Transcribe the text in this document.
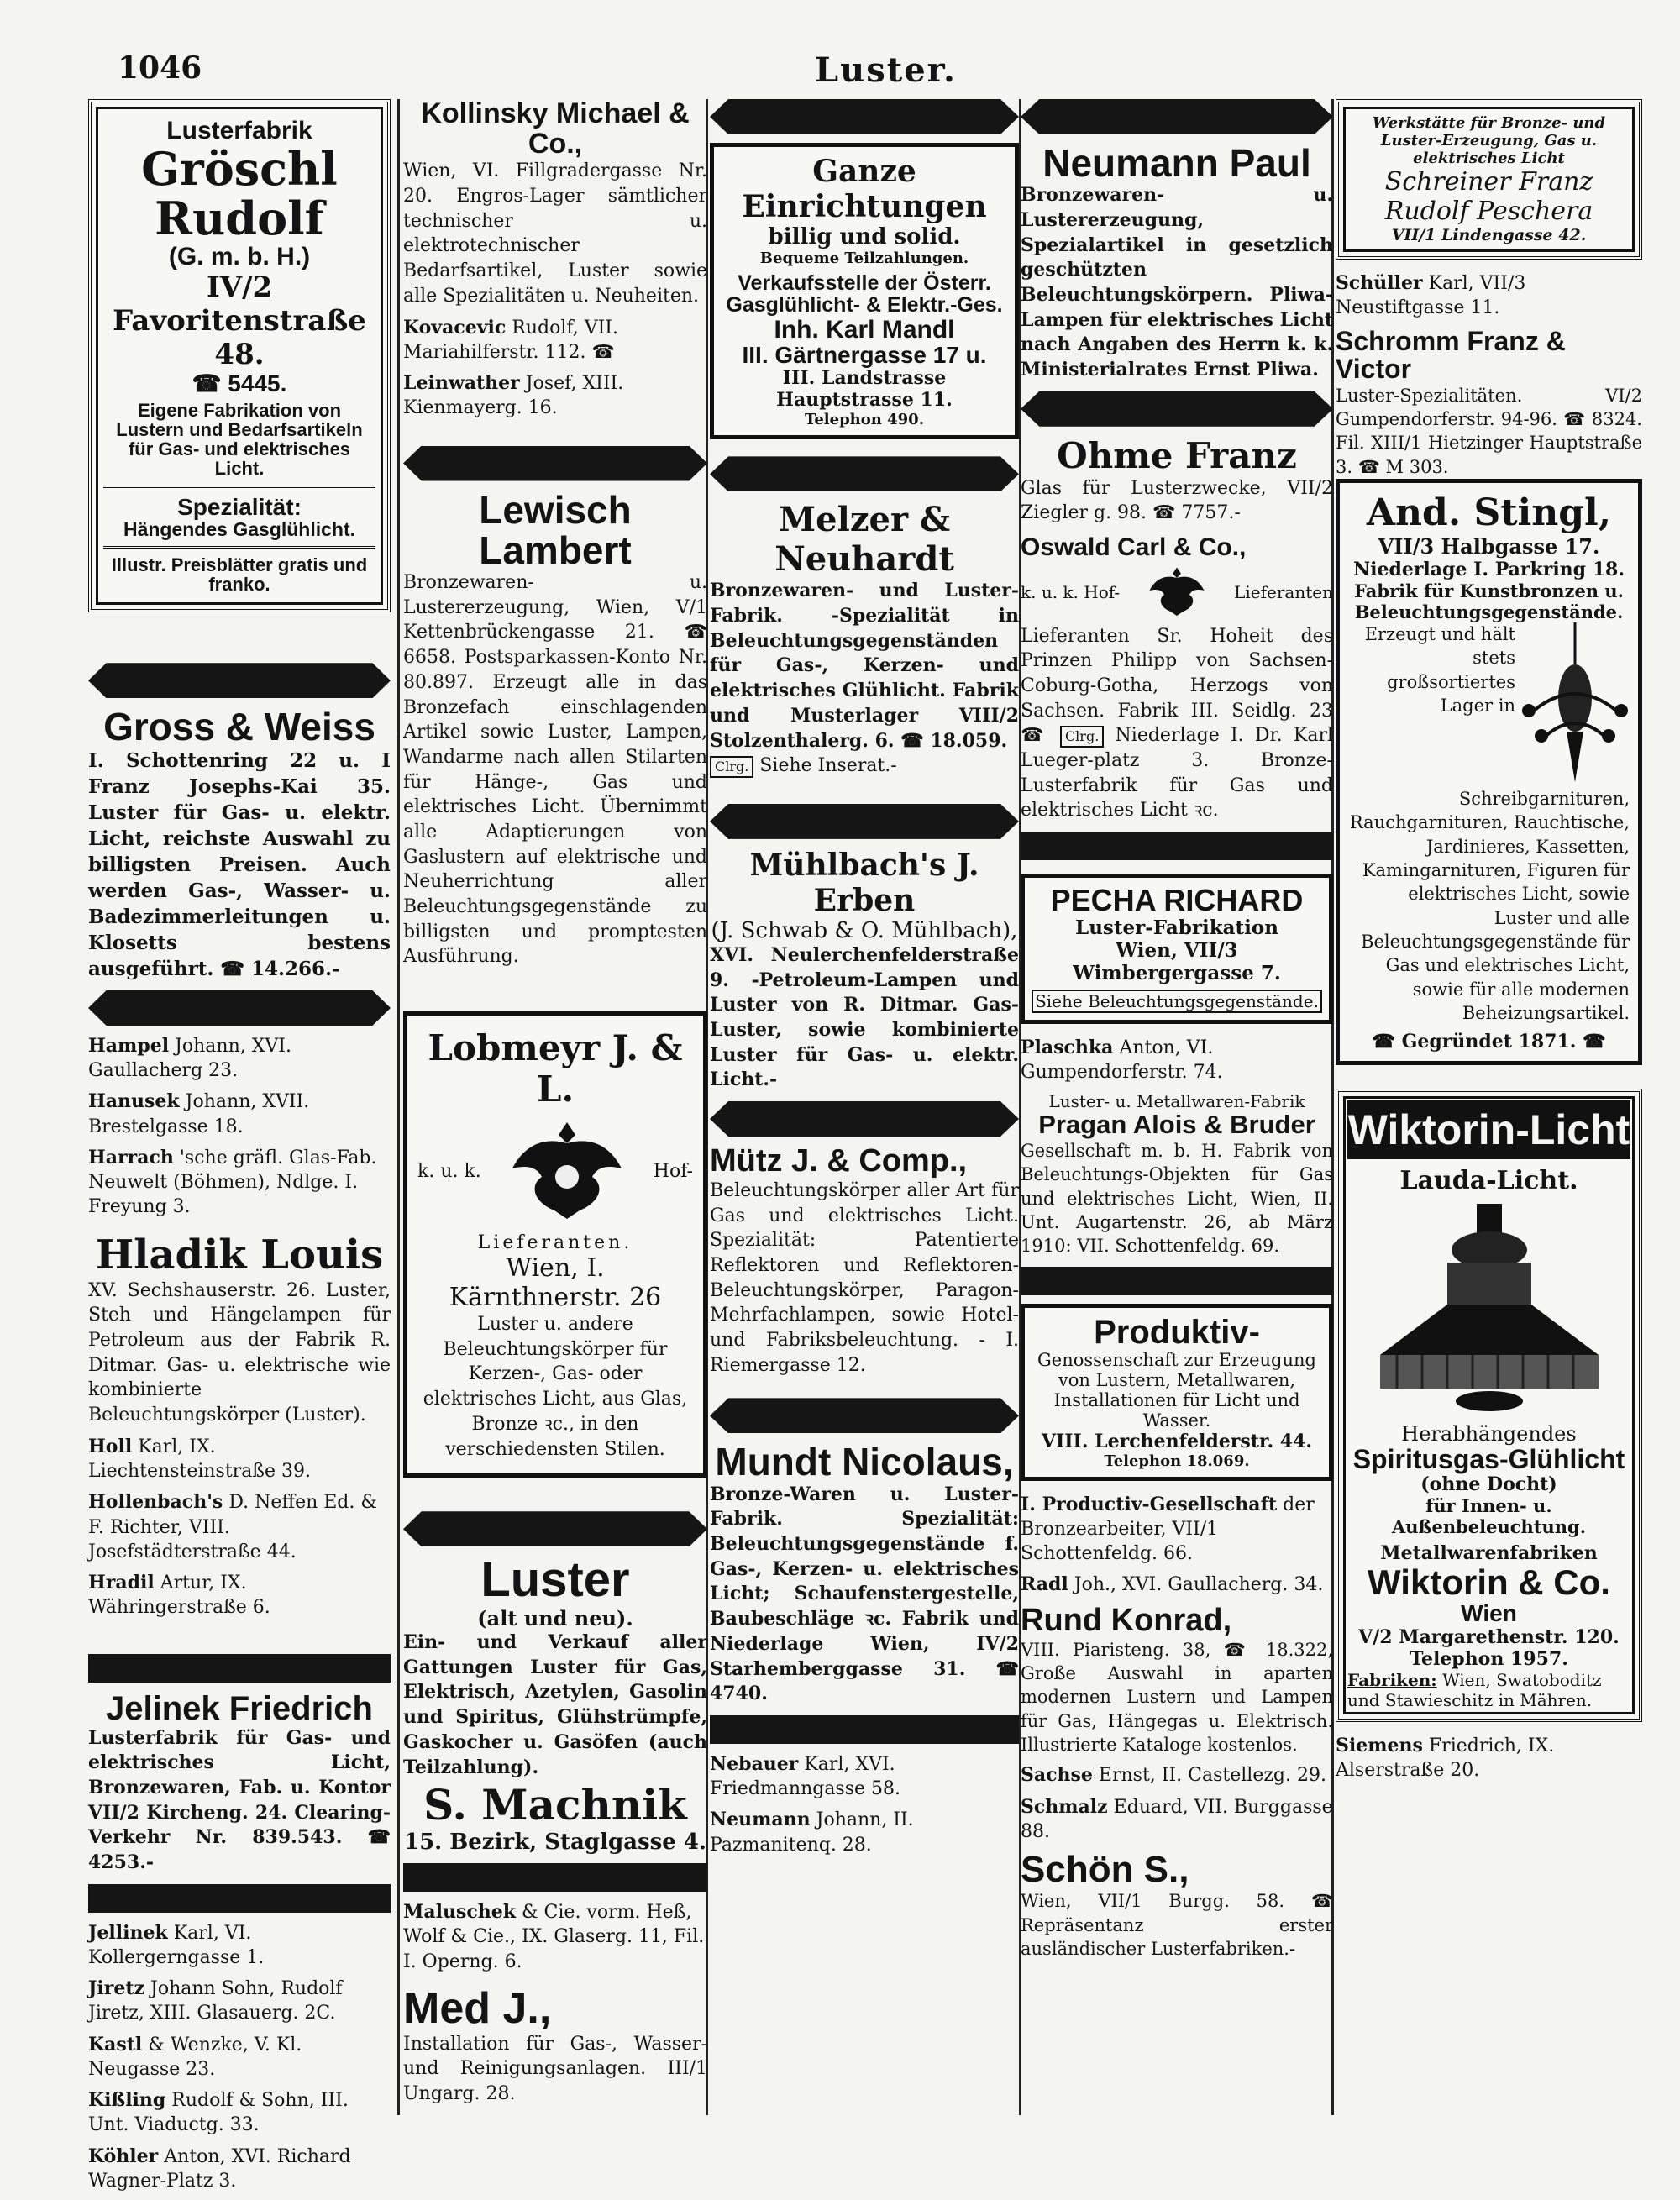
1046	Luster.
Lusterfabrik
Gröschl Rudolf
(G. m. b. H.)
IV/2 Favoritenstraße 48.
☎ 5445.
Eigene Fabrikation von Lustern und Bedarfsartikeln für Gas- und elektrisches Licht.
Spezialität:
Hängendes Gasglühlicht.
Illustr. Preisblätter gratis und franko.
Gross & Weiss
I. Schottenring 22 u. I Franz Josephs-Kai 35. Luster für Gas- u. elektr. Licht, reichste Auswahl zu billigsten Preisen. Auch werden Gas-, Wasser- u. Badezimmerleitungen u. Klosetts bestens ausgeführt. ☎ 14.266.-
Hampel Johann, XVI. Gaullacherg 23.
Hanusek Johann, XVII. Brestelgasse 18.
Harrach 'sche gräfl. Glas-Fab. Neuwelt (Böhmen), Ndlge. I. Freyung 3.
Hladik Louis
XV. Sechshauserstr. 26. Luster, Steh und Hängelampen für Petroleum aus der Fabrik R. Ditmar. Gas- u. elektrische wie kombinierte Beleuchtungskörper (Luster).
Holl Karl, IX. Liechtensteinstraße 39.
Hollenbach's D. Neffen Ed. & F. Richter, VIII. Josefstädterstraße 44.
Hradil Artur, IX. Währingerstraße 6.
Jelinek Friedrich
Lusterfabrik für Gas- und elektrisches Licht, Bronzewaren, Fab. u. Kontor VII/2 Kircheng. 24. Clearing-Verkehr Nr. 839.543. ☎ 4253.-
Jellinek Karl, VI. Kollergerngasse 1.
Jiretz Johann Sohn, Rudolf Jiretz, XIII. Glasauerg. 2C.
Kastl & Wenzke, V. Kl. Neugasse 23.
Kißling Rudolf & Sohn, III. Unt. Viaductg. 33.
Köhler Anton, XVI. Richard Wagner-Platz 3.
Kollinsky Michael & Co.,
Wien, VI. Fillgradergasse Nr. 20. Engros-Lager sämtlicher technischer u. elektrotechnischer Bedarfsartikel, Luster sowie alle Spezialitäten u. Neuheiten.
Kovacevic Rudolf, VII. Mariahilferstr. 112. ☎
Leinwather Josef, XIII. Kienmayerg. 16.
Lewisch Lambert
Bronzewaren- u. Lustererzeugung, Wien, V/1 Kettenbrückengasse 21. ☎ 6658. Postsparkassen-Konto Nr. 80.897. Erzeugt alle in das Bronzefach einschlagenden Artikel sowie Luster, Lampen, Wandarme nach allen Stilarten für Hänge-, Gas und elektrisches Licht. Übernimmt alle Adaptierungen von Gaslustern auf elektrische und Neuherrichtung aller Beleuchtungsgegenstände zu billigsten und promptesten Ausführung.
Lobmeyr J. & L.
k. u. k.	Hof-
Lieferanten.
Wien, I. Kärnthnerstr. 26
Luster u. andere Beleuchtungskörper für Kerzen-, Gas- oder elektrisches Licht, aus Glas, Bronze ꝛc., in den verschiedensten Stilen.
Luster
(alt und neu).
Ein- und Verkauf aller Gattungen Luster für Gas, Elektrisch, Azetylen, Gasolin und Spiritus, Glühstrümpfe, Gaskocher u. Gasöfen (auch Teilzahlung).
S. Machnik
15. Bezirk, Staglgasse 4.
Maluschek & Cie. vorm. Heß, Wolf & Cie., IX. Glaserg. 11, Fil. I. Operng. 6.
Med J.,
Installation für Gas-, Wasser- und Reinigungsanlagen. III/1 Ungarg. 28.
Ganze Einrichtungen
billig und solid.
Bequeme Teilzahlungen.
Verkaufsstelle der Österr. Gasglühlicht- & Elektr.-Ges.
Inh. Karl Mandl
III. Gärtnergasse 17 u.
III. Landstrasse Hauptstrasse 11.
Telephon 490.
Melzer & Neuhardt
Bronzewaren- und Luster-Fabrik. -Spezialität in Beleuchtungsgegenständen für Gas-, Kerzen- und elektrisches Glühlicht. Fabrik und Musterlager VIII/2 Stolzenthalerg. 6. ☎ 18.059.
Clrg. Siehe Inserat.-
Mühlbach's J. Erben
(J. Schwab & O. Mühlbach),
XVI. Neulerchenfelderstraße 9. -Petroleum-Lampen und Luster von R. Ditmar. Gas-Luster, sowie kombinierte Luster für Gas- u. elektr. Licht.-
Mütz J. & Comp.,
Beleuchtungskörper aller Art für Gas und elektrisches Licht. Spezialität: Patentierte Reflektoren und Reflektoren-Beleuchtungskörper, Paragon-Mehrfachlampen, sowie Hotel- und Fabriksbeleuchtung. - I. Riemergasse 12.
Mundt Nicolaus,
Bronze-Waren u. Luster-Fabrik. Spezialität: Beleuchtungsgegenstände f. Gas-, Kerzen- u. elektrisches Licht; Schaufenstergestelle, Baubeschläge ꝛc. Fabrik und Niederlage Wien, IV/2 Starhemberggasse 31. ☎ 4740.
Nebauer Karl, XVI. Friedmanngasse 58.
Neumann Johann, II. Pazmanitenq. 28.
Neumann Paul
Bronzewaren- u. Lustererzeugung, Spezialartikel in gesetzlich geschützten Beleuchtungskörpern. Pliwa-Lampen für elektrisches Licht nach Angaben des Herrn k. k. Ministerialrates Ernst Pliwa.
Ohme Franz
Glas für Lusterzwecke, VII/2 Ziegler g. 98. ☎ 7757.-
Oswald Carl & Co.,
k. u. k. Hof-	Lieferanten
Lieferanten Sr. Hoheit des Prinzen Philipp von Sachsen-Coburg-Gotha, Herzogs von Sachsen. Fabrik III. Seidlg. 23 ☎ Clrg. Niederlage I. Dr. Karl Lueger-platz 3. Bronze-Lusterfabrik für Gas und elektrisches Licht ꝛc.
PECHA RICHARD
Luster-Fabrikation
Wien, VII/3 Wimbergergasse 7.
Siehe Beleuchtungsgegenstände.
Plaschka Anton, VI. Gumpendorferstr. 74.
Luster- u. Metallwaren-Fabrik
Pragan Alois & Bruder
Gesellschaft m. b. H. Fabrik von Beleuchtungs-Objekten für Gas und elektrisches Licht, Wien, II. Unt. Augartenstr. 26, ab März 1910: VII. Schottenfeldg. 69.
Produktiv-
Genossenschaft zur Erzeugung von Lustern, Metallwaren, Installationen für Licht und Wasser.
VIII. Lerchenfelderstr. 44.
Telephon 18.069.
I. Productiv-Gesellschaft der Bronzearbeiter, VII/1 Schottenfeldg. 66.
Radl Joh., XVI. Gaullacherg. 34.
Rund Konrad,
VIII. Piaristeng. 38, ☎ 18.322, Große Auswahl in aparten modernen Lustern und Lampen für Gas, Hängegas u. Elektrisch. Illustrierte Kataloge kostenlos.
Sachse Ernst, II. Castellezg. 29.
Schmalz Eduard, VII. Burggasse 88.
Schön S.,
Wien, VII/1 Burgg. 58. ☎ Repräsentanz erster ausländischer Lusterfabriken.-
Werkstätte für Bronze- und Luster-Erzeugung, Gas u. elektrisches Licht
Schreiner Franz
Rudolf Peschera
VII/1 Lindengasse 42.
Schüller Karl, VII/3 Neustiftgasse 11.
Schromm Franz & Victor
Luster-Spezialitäten. VI/2 Gumpendorferstr. 94-96. ☎ 8324. Fil. XIII/1 Hietzinger Hauptstraße 3. ☎ M 303.
And. Stingl,
VII/3 Halbgasse 17.
Niederlage I. Parkring 18.
Fabrik für Kunstbronzen u. Beleuchtungsgegenstände.
Erzeugt und hält stets großsortiertes Lager in Schreibgarnituren, Rauchgarnituren, Rauchtische, Jardinieres, Kassetten, Kamingarnituren, Figuren für elektrisches Licht, sowie Luster und alle Beleuchtungsgegenstände für Gas und elektrisches Licht, sowie für alle modernen Beheizungsartikel.
☎ Gegründet 1871. ☎
Wiktorin-Licht
Lauda-Licht.
Herabhängendes
Spiritusgas-Glühlicht
(ohne Docht)
für Innen- u. Außenbeleuchtung.
Metallwarenfabriken
Wiktorin & Co.
Wien
V/2 Margarethenstr. 120.
Telephon 1957.
Fabriken: Wien, Swatoboditz und Stawieschitz in Mähren.
Siemens Friedrich, IX. Alserstraße 20.
